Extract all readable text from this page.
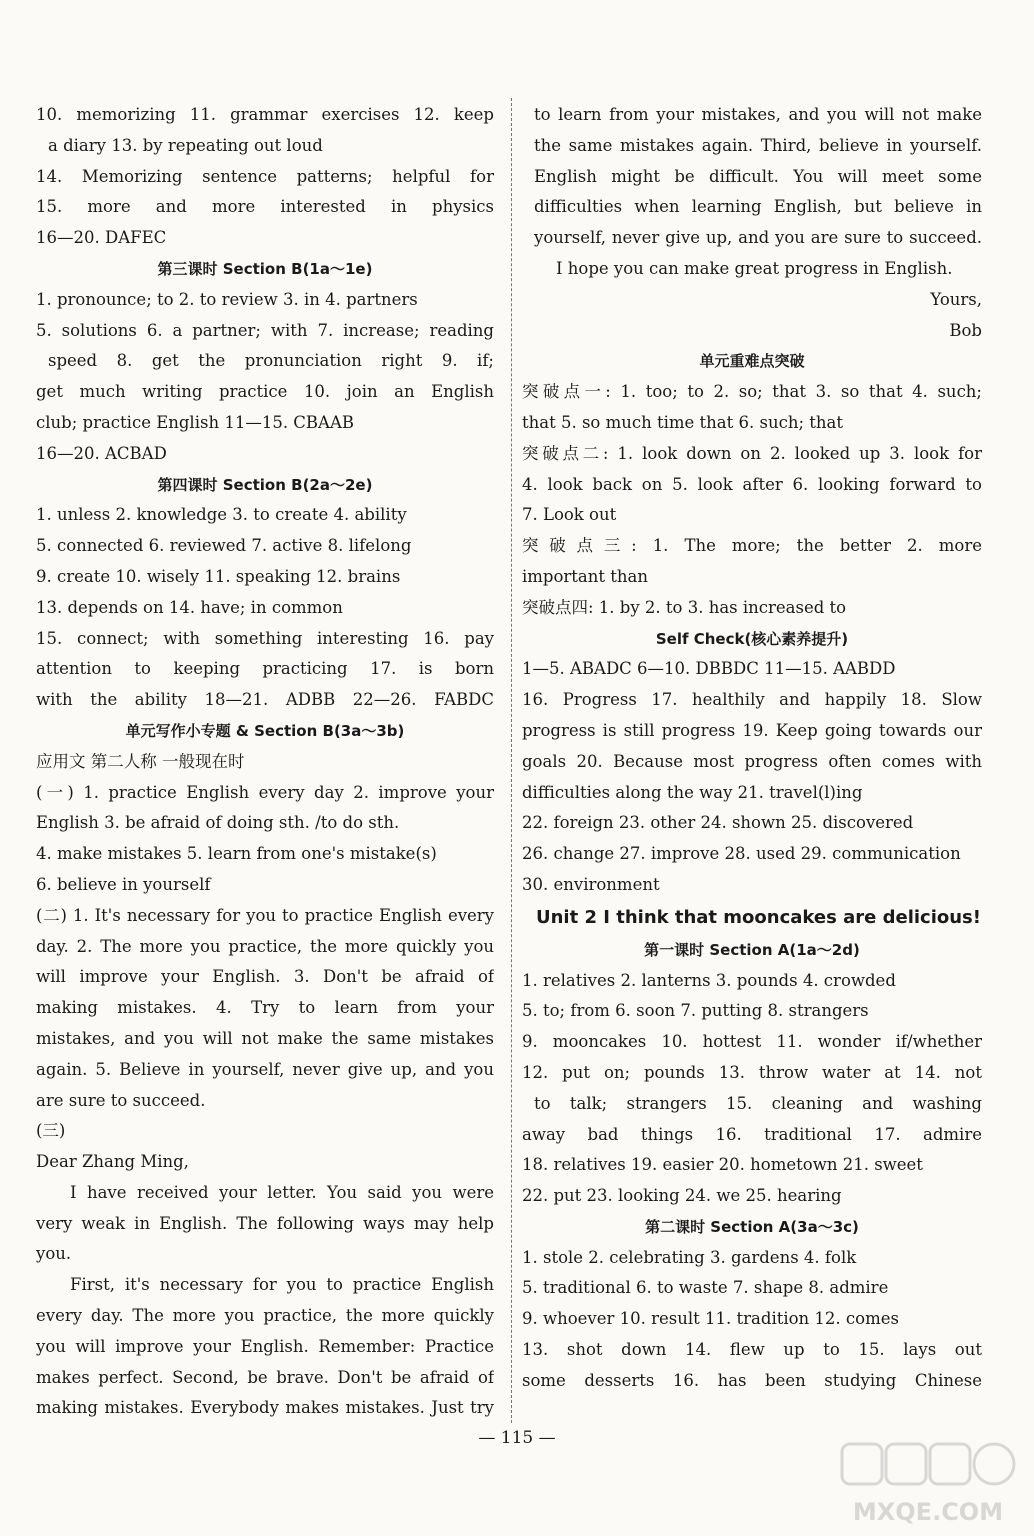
10. memorizing 11. grammar exercises 12. keep
a diary 13. by repeating out loud
14. Memorizing sentence patterns; helpful for
15. more and more interested in physics
16—20. DAFEC
第三课时 Section B(1a～1e)
1. pronounce; to 2. to review 3. in 4. partners
5. solutions 6. a partner; with 7. increase; reading
speed 8. get the pronunciation right 9. if;
get much writing practice 10. join an English
club; practice English 11—15. CBAAB
16—20. ACBAD
第四课时 Section B(2a～2e)
1. unless 2. knowledge 3. to create 4. ability
5. connected 6. reviewed 7. active 8. lifelong
9. create 10. wisely 11. speaking 12. brains
13. depends on 14. have; in common
15. connect; with something interesting 16. pay
attention to keeping practicing 17. is born
with the ability 18—21. ADBB 22—26. FABDC
单元写作小专题 & Section B(3a～3b)
应用文 第二人称 一般现在时
(一) 1. practice English every day 2. improve your
English 3. be afraid of doing sth. /to do sth.
4. make mistakes 5. learn from one's mistake(s)
6. believe in yourself
(二) 1. It's necessary for you to practice English every
day. 2. The more you practice, the more quickly you
will improve your English. 3. Don't be afraid of
making mistakes. 4. Try to learn from your
mistakes, and you will not make the same mistakes
again. 5. Believe in yourself, never give up, and you
are sure to succeed.
(三)
Dear Zhang Ming,
I have received your letter. You said you were
very weak in English. The following ways may help
you.
First, it's necessary for you to practice English
every day. The more you practice, the more quickly
you will improve your English. Remember: Practice
makes perfect. Second, be brave. Don't be afraid of
making mistakes. Everybody makes mistakes. Just try
to learn from your mistakes, and you will not make
the same mistakes again. Third, believe in yourself.
English might be difficult. You will meet some
difficulties when learning English, but believe in
yourself, never give up, and you are sure to succeed.
I hope you can make great progress in English.
Yours,
Bob
单元重难点突破
突破点一: 1. too; to 2. so; that 3. so that 4. such;
that 5. so much time that 6. such; that
突破点二: 1. look down on 2. looked up 3. look for
4. look back on 5. look after 6. looking forward to
7. Look out
突破点三: 1. The more; the better 2. more
important than
突破点四: 1. by 2. to 3. has increased to
Self Check(核心素养提升)
1—5. ABADC 6—10. DBBDC 11—15. AABDD
16. Progress 17. healthily and happily 18. Slow
progress is still progress 19. Keep going towards our
goals 20. Because most progress often comes with
difficulties along the way 21. travel(l)ing
22. foreign 23. other 24. shown 25. discovered
26. change 27. improve 28. used 29. communication
30. environment
Unit 2 I think that mooncakes are delicious!
第一课时 Section A(1a～2d)
1. relatives 2. lanterns 3. pounds 4. crowded
5. to; from 6. soon 7. putting 8. strangers
9. mooncakes 10. hottest 11. wonder if/whether
12. put on; pounds 13. throw water at 14. not
to talk; strangers 15. cleaning and washing
away bad things 16. traditional 17. admire
18. relatives 19. easier 20. hometown 21. sweet
22. put 23. looking 24. we 25. hearing
第二课时 Section A(3a～3c)
1. stole 2. celebrating 3. gardens 4. folk
5. traditional 6. to waste 7. shape 8. admire
9. whoever 10. result 11. tradition 12. comes
13. shot down 14. flew up to 15. lays out
some desserts 16. has been studying Chinese
— 115 —
MXQE.COM
